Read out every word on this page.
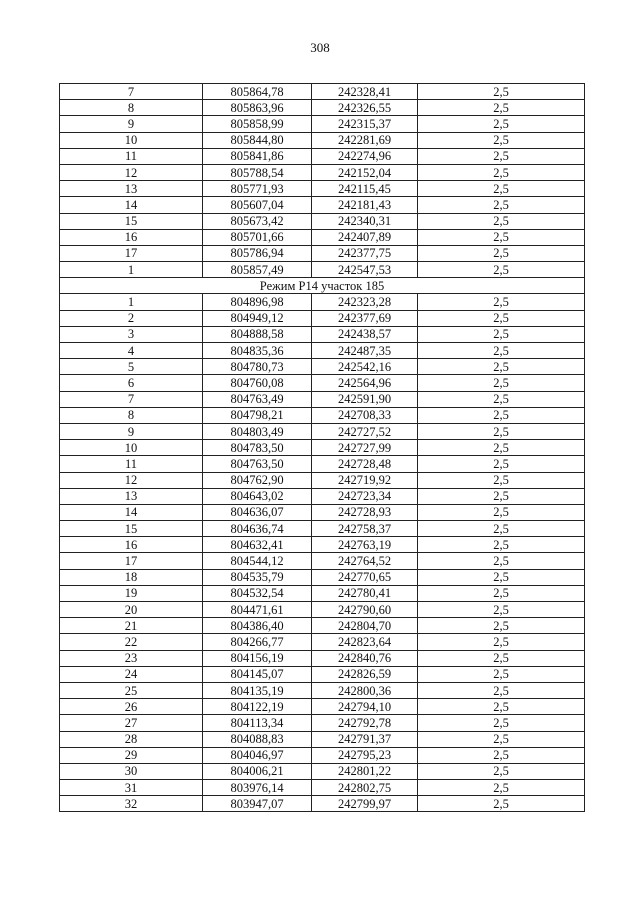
308
7	805864,78	242328,41	2,5
8	805863,96	242326,55	2,5
9	805858,99	242315,37	2,5
10	805844,80	242281,69	2,5
11	805841,86	242274,96	2,5
12	805788,54	242152,04	2,5
13	805771,93	242115,45	2,5
14	805607,04	242181,43	2,5
15	805673,42	242340,31	2,5
16	805701,66	242407,89	2,5
17	805786,94	242377,75	2,5
1	805857,49	242547,53	2,5
Режим Р14 участок 185			
1	804896,98	242323,28	2,5
2	804949,12	242377,69	2,5
3	804888,58	242438,57	2,5
4	804835,36	242487,35	2,5
5	804780,73	242542,16	2,5
6	804760,08	242564,96	2,5
7	804763,49	242591,90	2,5
8	804798,21	242708,33	2,5
9	804803,49	242727,52	2,5
10	804783,50	242727,99	2,5
11	804763,50	242728,48	2,5
12	804762,90	242719,92	2,5
13	804643,02	242723,34	2,5
14	804636,07	242728,93	2,5
15	804636,74	242758,37	2,5
16	804632,41	242763,19	2,5
17	804544,12	242764,52	2,5
18	804535,79	242770,65	2,5
19	804532,54	242780,41	2,5
20	804471,61	242790,60	2,5
21	804386,40	242804,70	2,5
22	804266,77	242823,64	2,5
23	804156,19	242840,76	2,5
24	804145,07	242826,59	2,5
25	804135,19	242800,36	2,5
26	804122,19	242794,10	2,5
27	804113,34	242792,78	2,5
28	804088,83	242791,37	2,5
29	804046,97	242795,23	2,5
30	804006,21	242801,22	2,5
31	803976,14	242802,75	2,5
32	803947,07	242799,97	2,5
